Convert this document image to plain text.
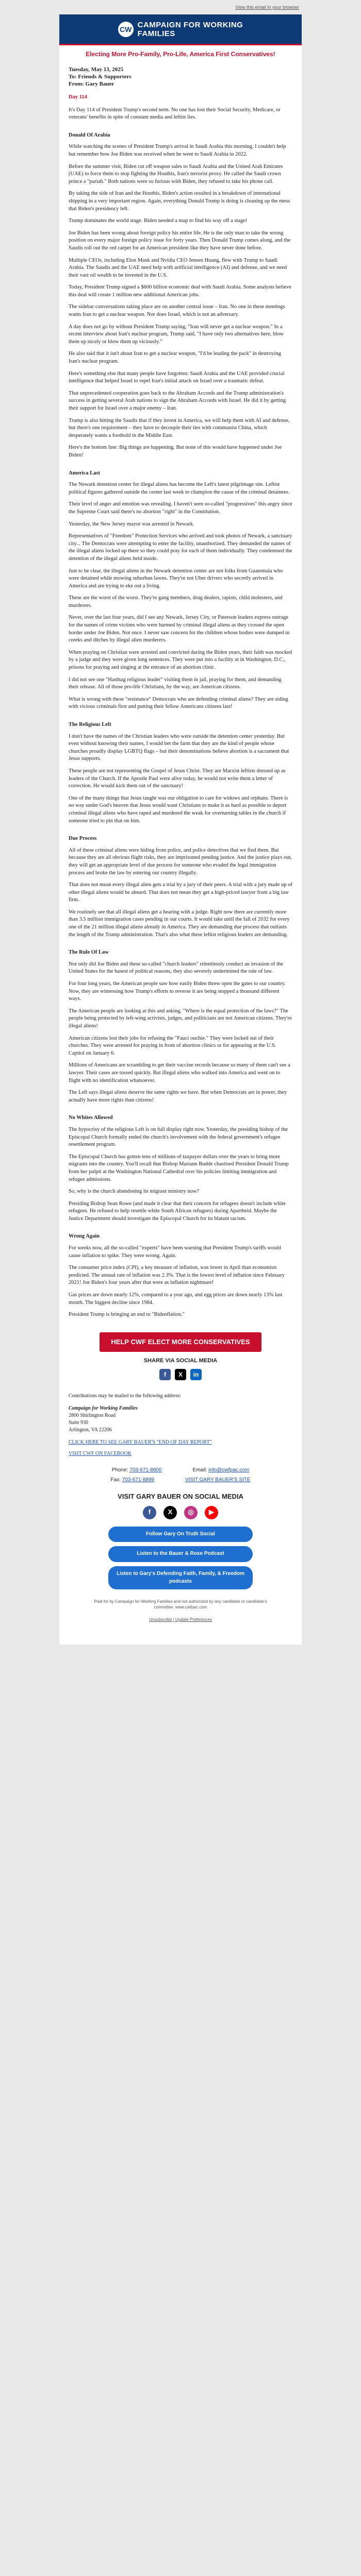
View this email in your browser
CW CAMPAIGN FOR WORKING
FAMILIES
Electing More Pro-Family, Pro-Life, America First Conservatives!
Tuesday, May 13, 2025
To: Friends & Supporters
From: Gary Bauer
Day 114

It's Day 114 of President Trump's second term. No one has lost their Social Security, Medicare, or veterans' benefits in spite of constant media and leftist lies.

Donald Of Arabia

While watching the scenes of President Trump's arrival in Saudi Arabia this morning, I couldn't help but remember how Joe Biden was received when he went to Saudi Arabia in 2022.

Before the summer visit, Biden cut off weapon sales to Saudi Arabia and the United Arab Emirates (UAE) to force them to stop fighting the Houthis, Iran's terrorist proxy. He called the Saudi crown prince a "pariah." Both nations were so furious with Biden, they refused to take his phone call.

By taking the side of Iran and the Houthis, Biden's action resulted in a breakdown of international shipping in a very important region. Again, everything Donald Trump is doing is cleaning up the mess that Biden's presidency left.

Trump dominates the world stage. Biden needed a map to find his way off a stage!

Joe Biden has been wrong about foreign policy his entire life. He is the only man to take the wrong position on every major foreign policy issue for forty years. Then Donald Trump comes along, and the Saudis roll out the red carpet for an American president like they have never done before.

Multiple CEOs, including Elon Musk and Nvidia CEO Jensen Huang, flew with Trump to Saudi Arabia. The Saudis and the UAE need help with artificial intelligence (AI) and defense, and we need their vast oil wealth to be invested in the U.S.

Today, President Trump signed a $600 billion economic deal with Saudi Arabia. Some analysts believe this deal will create 1 million new additional American jobs.

The sidebar conversations taking place are on another central issue – Iran. No one in these meetings wants Iran to get a nuclear weapon. Nor does Israel, which is not an adversary.

A day does not go by without President Trump saying, "Iran will never get a nuclear weapon." In a recent interview about Iran's nuclear program, Trump said, "I have only two alternatives here, blow them up nicely or blow them up viciously."

He also said that it isn't about Iran to get a nuclear weapon, "I'd be leading the pack" in destroying Iran's nuclear program.

Here's something else that many people have forgotten: Saudi Arabia and the UAE provided crucial intelligence that helped Israel to repel Iran's initial attack on Israel over a traumatic defeat.

That unprecedented cooperation goes back to the Abraham Accords and the Trump administration's success in getting several Arab nations to sign the Abraham Accords with Israel. He did it by getting their support for Israel over a major enemy – Iran.

Trump is also hitting the Saudis that if they invest in America, we will help them with AI and defense, but there's one requirement – they have to decouple their ties with communist China, which desperately wants a foothold in the Middle East.

Here's the bottom line: Big things are happening. But none of this would have happened under Joe Biden!

America Last

The Newark detention center for illegal aliens has become the Left's latest pilgrimage site. Leftist political figures gathered outside the center last week to champion the cause of the criminal detainees.

Their level of anger and emotion was revealing. I haven't seen so-called "progressives" this angry since the Supreme Court said there's no abortion "right" in the Constitution.

Yesterday, the New Jersey mayor was arrested in Newark.

Representatives of "Freedom" Protection Services who arrived and took photos of Newark, a sanctuary city... The Democrats were attempting to enter the facility, unauthorized. They demanded the names of the illegal aliens locked up there so they could pray for each of them individually. They condemned the detention of the illegal aliens held inside.

Just to be clear, the illegal aliens in the Newark detention center are not folks from Guatemala who were detained while mowing suburban lawns. They're not Uber drivers who secretly arrived in America and are trying to eke out a living.

These are the worst of the worst. They're gang members, drug dealers, rapists, child molesters, and murderers.

Never, over the last four years, did I see any Newark, Jersey City, or Paterson leaders express outrage for the names of crime victims who were harmed by criminal illegal aliens as they crossed the open border under Joe Biden. Not once. I never saw concern for the children whose bodies were dumped in creeks and ditches by illegal alien murderers.

When praying on Christian were arrested and convicted during the Biden years, their faith was mocked by a judge and they were given long sentences. They were put into a facility at in Washington, D.C., prisons for praying and singing at the entrance of an abortion clinic.

I did not see one "Hashtag religious leader" visiting them in jail, praying for them, and demanding their release. All of those pro-life Christians, by the way, are American citizens.

What is wrong with these "resistance" Democrats who are defending criminal aliens? They are siding with vicious criminals first and putting their fellow Americans citizens last!

The Religious Left

I don't have the names of the Christian leaders who were outside the detention center yesterday. But even without knowing their names, I would bet the farm that they are the kind of people whose churches proudly display LGBTQ flags – but their denominations believe abortion is a sacrament that Jesus supports.

These people are not representing the Gospel of Jesus Christ. They are Marxist leftists dressed up as leaders of the Church. If the Apostle Paul were alive today, he would not write them a letter of correction. He would kick them out of the sanctuary!

One of the many things that Jesus taught was our obligation to care for widows and orphans. There is no way under God's heaven that Jesus would want Christians to make it as hard as possible to deport criminal illegal aliens who have raped and murdered the weak for overturning tables in the church if someone tried to pin that on him.

Due Process

All of these criminal aliens were hiding from police, and police detectives that we find them. But because they are all obvious flight risks, they are imprisoned pending justice. And the justice plays out, they will get an appropriate level of due process for someone who evaded the legal immigration process and broke the law by entering our country illegally.

That does not mean every illegal alien gets a trial by a jury of their peers. A trial with a jury made up of other illegal aliens would be absurd. That does not mean they get a high-priced lawyer from a big law firm.

We routinely see that all illegal aliens get a hearing with a judge. Right now there are currently more than 3.5 million immigration cases pending in our courts. It would take until the fall of 2032 for every one of the 21 million illegal aliens already in America. They are demanding due process that outlasts the length of the Trump administration. That's also what these leftist religious leaders are demanding.

The Rule Of Law

Not only did Joe Biden and these so-called "church leaders" relentlessly conduct an invasion of the United States for the basest of political reasons, they also severely undermined the rule of law.

For four long years, the American people saw how easily Biden threw open the gates to our country. Now, they are witnessing how Trump's efforts to reverse it are being stopped a thousand different ways.

The American people are looking at this and asking, "Where is the equal protection of the laws?" The people being protected by left-wing activists, judges, and politicians are not American citizens. They're illegal aliens!

American citizens lost their jobs for refusing the "Fauci ouchie." They were locked out of their churches. They were arrested for praying in front of abortion clinics or for appearing at the U.S. Capitol on January 6.

Millions of Americans are scrambling to get their vaccine records because so many of them can't see a lawyer. Their cases are tossed quickly. But illegal aliens who walked into America and went on to flight with no identification whatsoever.

The Left says illegal aliens deserve the same rights we have. But when Democrats are in power, they actually have more rights than citizens!

No Whites Allowed

The hypocrisy of the religious Left is on full display right now. Yesterday, the presiding bishop of the Episcopal Church formally ended the church's involvement with the federal government's refugee resettlement program.

The Episcopal Church has gotten tens of millions of taxpayer dollars over the years to bring more migrants into the country. You'll recall that Bishop Mariann Budde chastised President Donald Trump from her pulpit at the Washington National Cathedral over his policies limiting immigration and refugee admissions.

So, why is the church abandoning its migrant ministry now?

Presiding Bishop Sean Rowe (and made it clear that their concern for refugees doesn't include white refugees. He refused to help resettle white South African refugees) during Apartheid. Maybe the Justice Department should investigate the Episcopal Church for its blatant racism.

Wrong Again

For weeks now, all the so-called "experts" have been warning that President Trump's tariffs would cause inflation to spike. They were wrong. Again.

The consumer price index (CPI), a key measure of inflation, was lower in April than economists predicted. The annual rate of inflation was 2.3%. That is the lowest level of inflation since February 2021! Joe Biden's four years after that were as inflation nightmare!

Gas prices are down nearly 12%, compared to a year ago, and egg prices are down nearly 13% last month. The biggest decline since 1984.

President Trump is bringing an end to "Bidenflation."

HELP CWF ELECT MORE CONSERVATIVES
SHARE VIA SOCIAL MEDIA
f	X	in
Contributions may be mailed to the following address:
Campaign for Working Families
2800 Shirlington Road
Suite 930
Arlington, VA 22206
CLICK HERE TO SEE GARY BAUER'S "END OF DAY REPORT"
VISIT CWF ON FACEBOOK
Phone: 703-671-8800	Email: info@cwfpac.com
Fax: 703-671-8899	VISIT GARY BAUER'S SITE
VISIT GARY BAUER ON SOCIAL MEDIA
f	X	◎	▶
Follow Gary On Truth Social
Listen to the Bauer & Rose Podcast
Listen to Gary's Defending Faith, Family, & Freedom podcasts
Paid for by Campaign for Working Families and not authorized by any candidate or candidate's committee. www.cwfpac.com
Unsubscribe | Update Preferences
